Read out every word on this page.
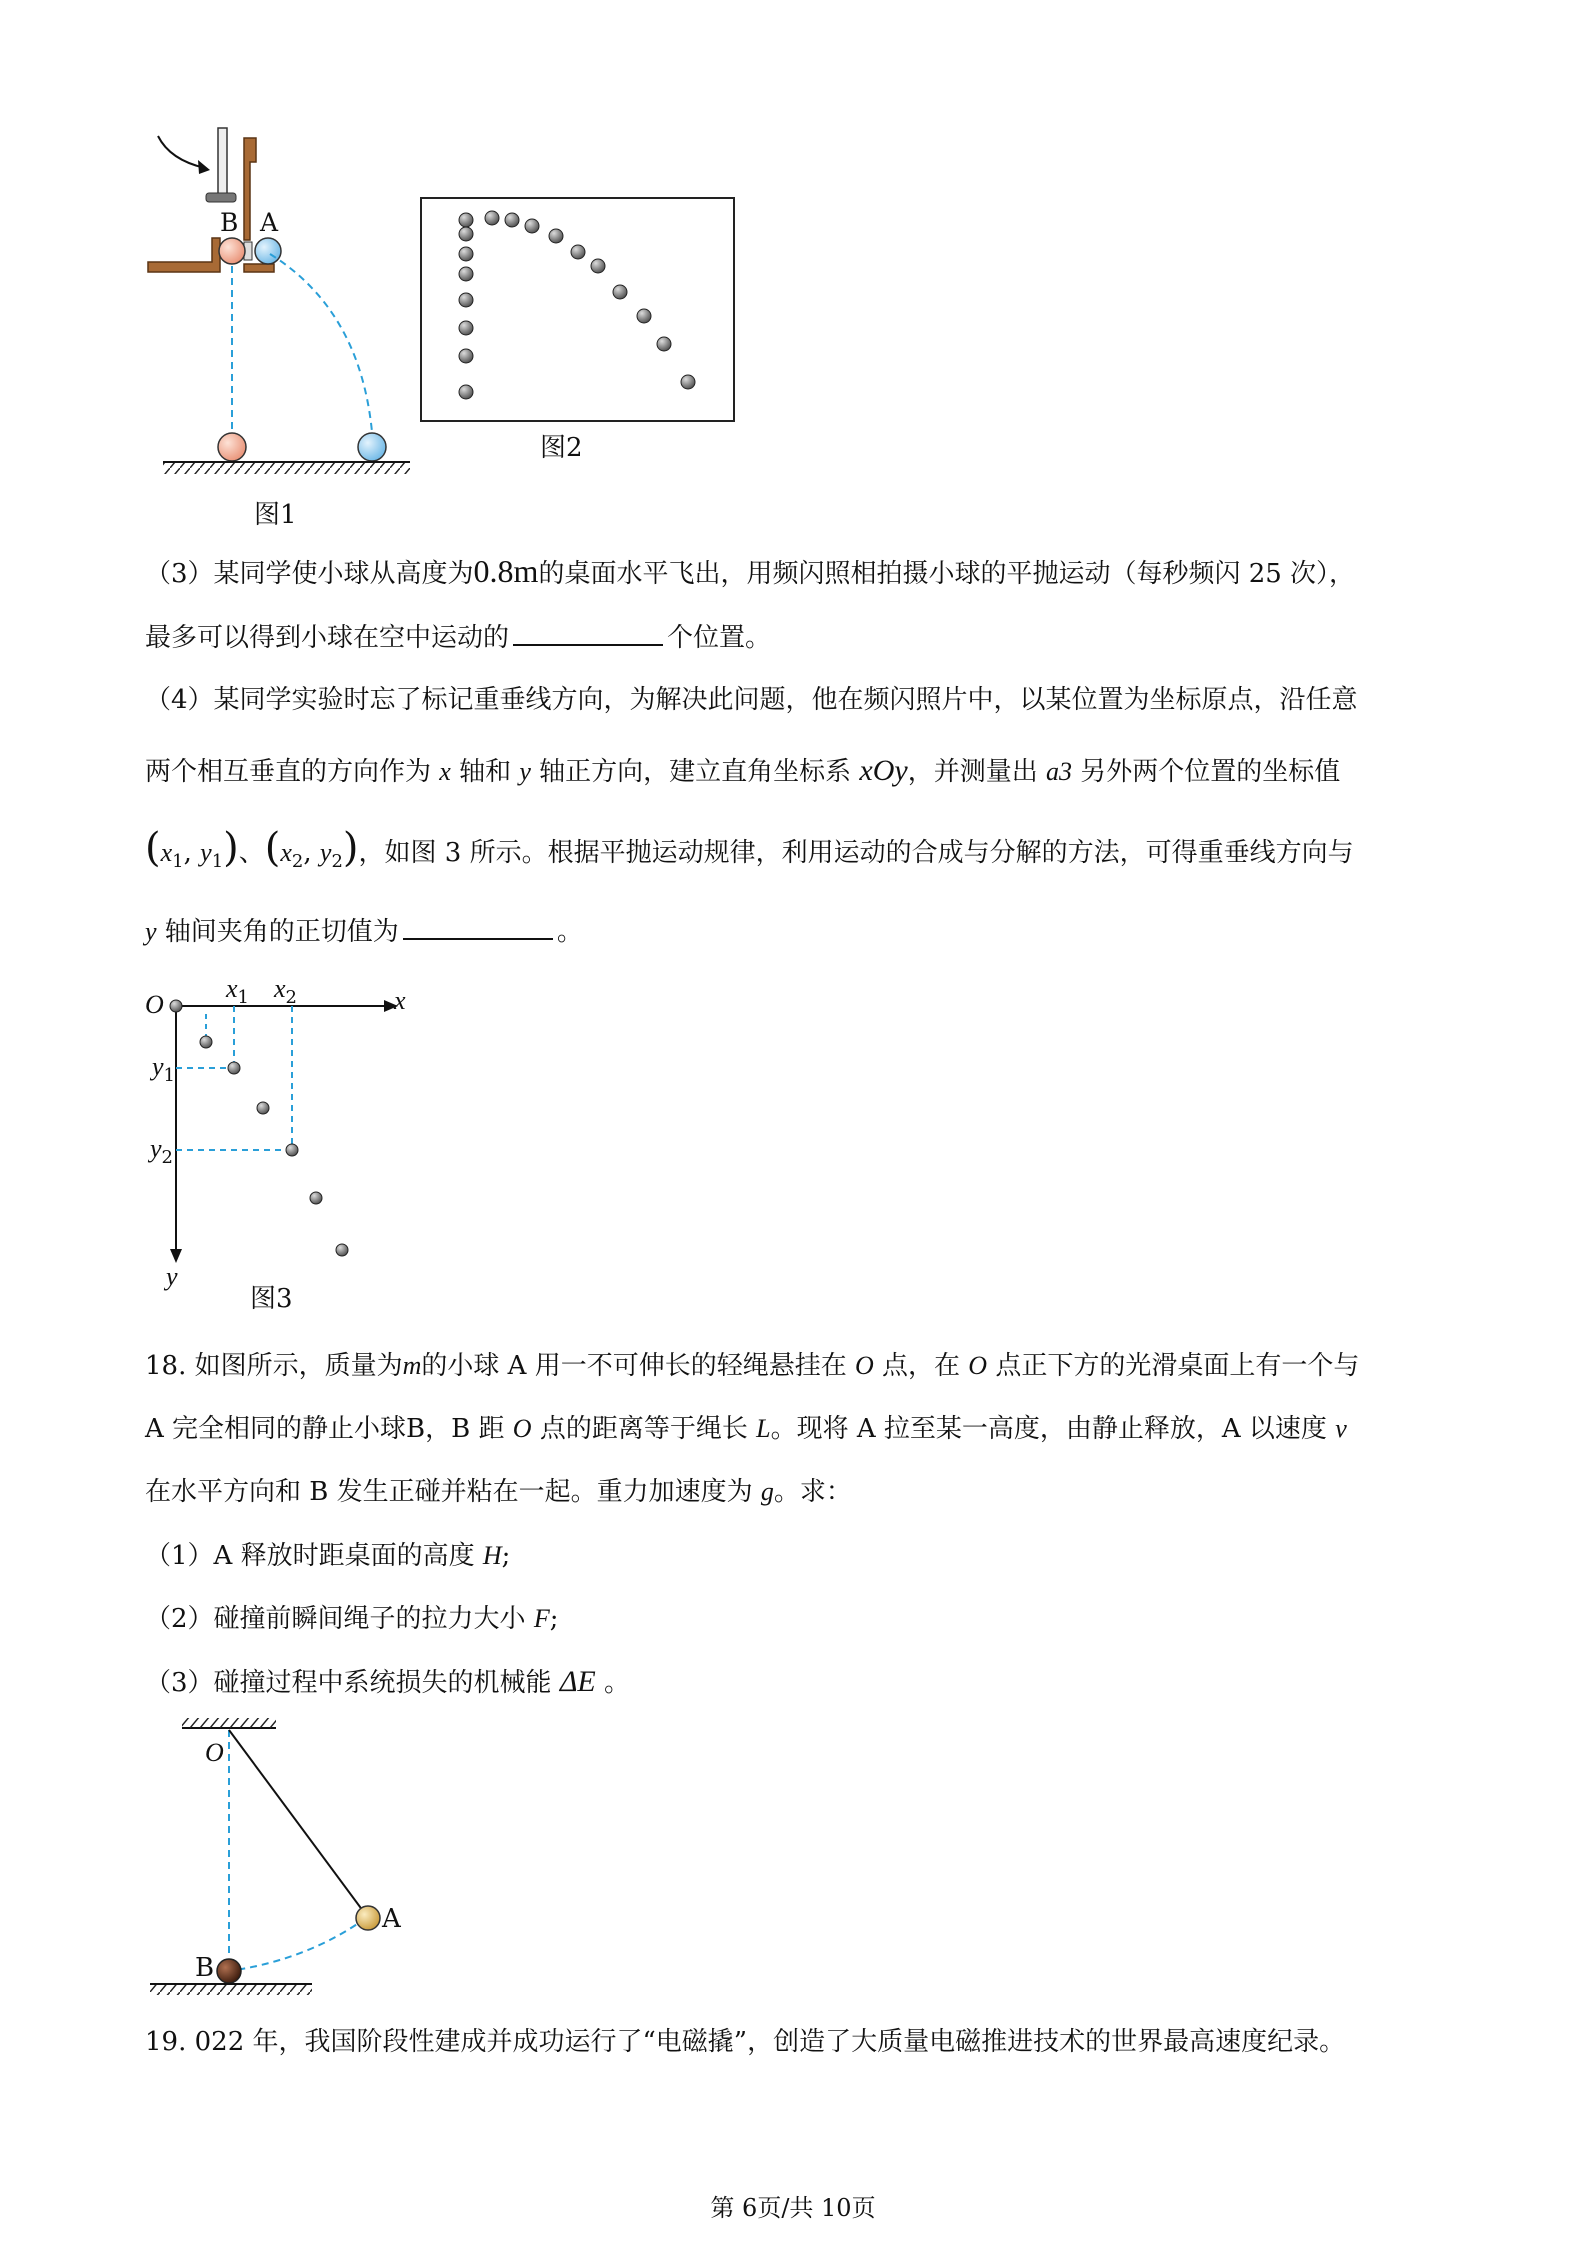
B A
图1
图2
（3）某同学使小球从高度为0.8m的桌面水平飞出，用频闪照相拍摄小球的平抛运动（每秒频闪 25 次），
最多可以得到小球在空中运动的	个位置。
（4）某同学实验时忘了标记重垂线方向，为解决此问题，他在频闪照片中，以某位置为坐标原点，沿任意
两个相互垂直的方向作为 x 轴和 y 轴正方向，建立直角坐标系 xOy，并测量出 a3 另外两个位置的坐标值
($x_1$, $y_1$)、($x_2$, $y_2$)，如图 3 所示。根据平抛运动规律，利用运动的合成与分解的方法，可得重垂线方向与
y 轴间夹角的正切值为	。
O	x
y
$x_1$ $x_2$
$y_1$
$y_2$
图3
18. 如图所示，质量为m的小球 A 用一不可伸长的轻绳悬挂在 O 点，在 O 点正下方的光滑桌面上有一个与
A 完全相同的静止小球B，B 距 O 点的距离等于绳长 L。现将 A 拉至某一高度，由静止释放，A 以速度 v
在水平方向和 B 发生正碰并粘在一起。重力加速度为 g。求：
（1）A 释放时距桌面的高度 H;
（2）碰撞前瞬间绳子的拉力大小 F;
（3）碰撞过程中系统损失的机械能 ΔE 。
O
A
B
19. 022 年，我国阶段性建成并成功运行了“电磁撬”，创造了大质量电磁推进技术的世界最高速度纪录。
第 6页/共 10页
